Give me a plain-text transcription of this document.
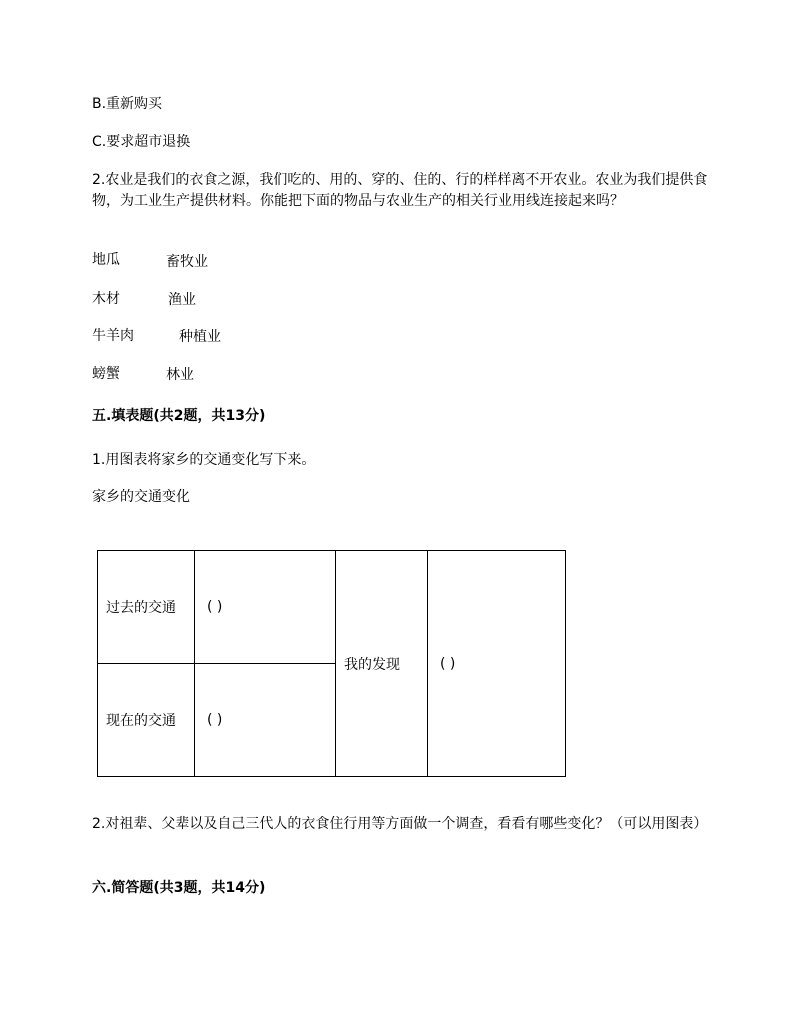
B.重新购买
C.要求超市退换
2.农业是我们的衣食之源，我们吃的、用的、穿的、住的、行的样样离不开农业。农业为我们提供食物，为工业生产提供材料。你能把下面的物品与农业生产的相关行业用线连接起来吗？
地瓜	畜牧业
木材	渔业
牛羊肉	种植业
螃蟹	林业
五.填表题(共2题，共13分)
1.用图表将家乡的交通变化写下来。
家乡的交通变化
过去的交通	( )	我的发现	( )
现在的交通	( )		
2.对祖辈、父辈以及自己三代人的衣食住行用等方面做一个调查，看看有哪些变化？（可以用图表）
六.简答题(共3题，共14分)
